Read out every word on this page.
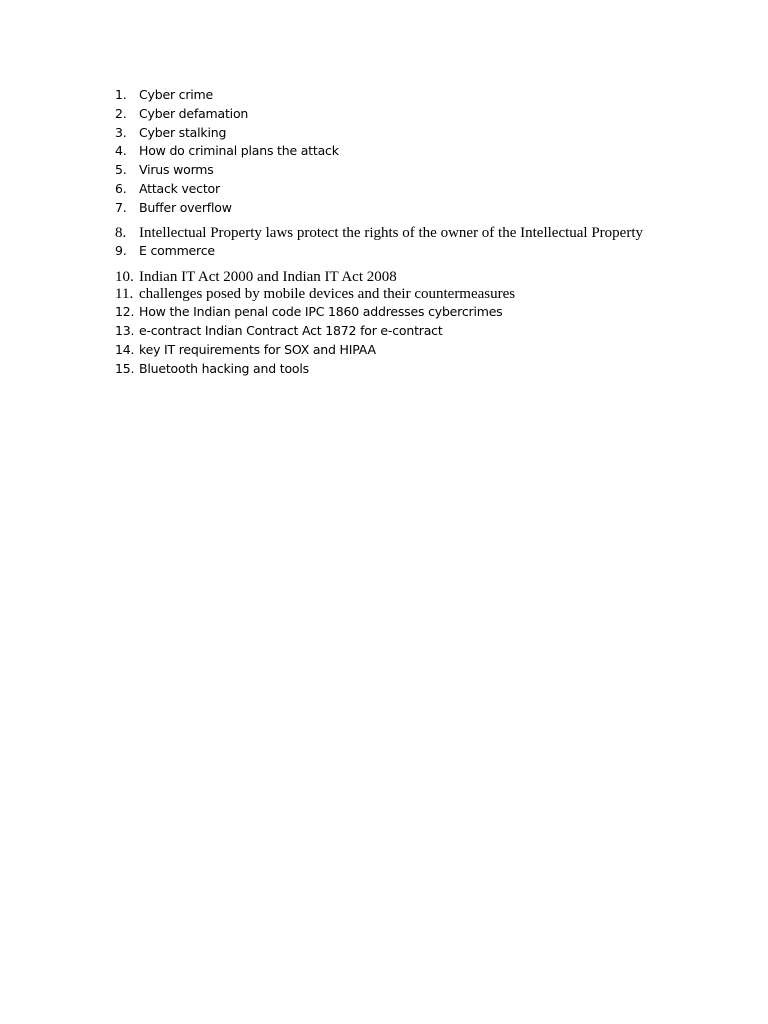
1. Cyber crime
2. Cyber defamation
3. Cyber stalking
4. How do criminal plans the attack
5. Virus worms
6. Attack vector
7. Buffer overflow
8. Intellectual Property laws protect the rights of the owner of the Intellectual Property
9. E commerce
10. Indian IT Act 2000 and Indian IT Act 2008
11. challenges posed by mobile devices and their countermeasures
12. How the Indian penal code IPC 1860 addresses cybercrimes
13. e-contract Indian Contract Act 1872 for e-contract
14. key IT requirements for SOX and HIPAA
15. Bluetooth hacking and tools
